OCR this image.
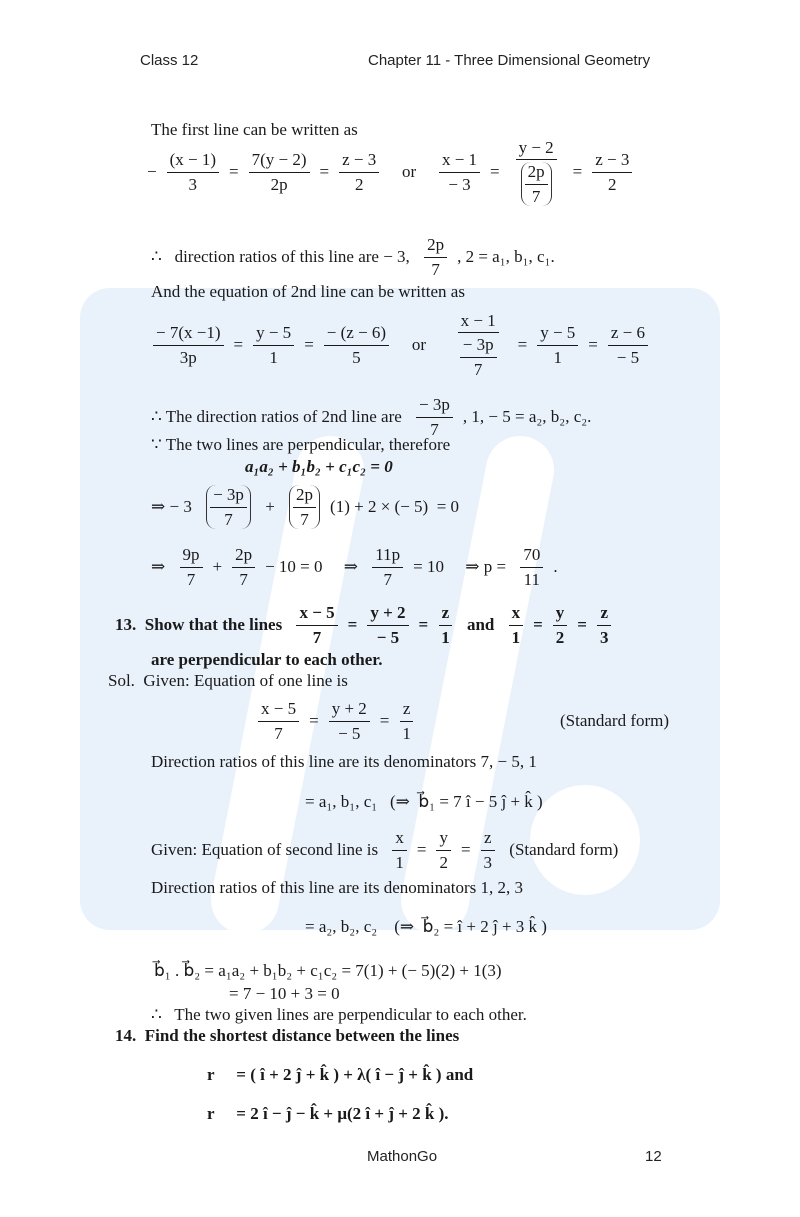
Class 12	Chapter 11 - Three Dimensional Geometry
The first line can be written as
− $\frac{(x - 1)}{3} = \frac{7(y - 2)}{2p} = \frac{z - 3}{2}$ or $\frac{x - 1}{- 3} = \frac{y - 2}{\frac{2p}{7}} = \frac{z - 3}{2}$
∴   direction ratios of this line are − 3, $\frac{2p}{7}$ , 2 = a₁, b₁, c₁.
And the equation of 2nd line can be written as
$\frac{- 7(x -1)}{3p} = \frac{y - 5}{1} = \frac{- (z - 6)}{5}$ or $\frac{x - 1}{\frac{- 3p}{7}} = \frac{y - 5}{1} = \frac{z - 6}{- 5}$
∴ The direction ratios of 2nd line are $\frac{- 3p}{7}$ , 1, − 5 = a₂, b₂, c₂.
∵ The two lines are perpendicular, therefore
a₁a₂ + b₁b₂ + c₁c₂ = 0
⇒ − $3 \frac{- 3p}{7} + \frac{2p}{7} (1) + 2$ × (− 5)  = 0
⇒ $\frac{9p}{7} + \frac{2p}{7} - 10 = 0$     ⇒ $\frac{11p}{7} = 10$     ⇒ $p = \frac{70}{11}$ .
13.  Show that the lines $\frac{x - 5}{7} = \frac{y + 2}{- 5} = \frac{z}{1}$ and $\frac{x}{1} = \frac{y}{2} = \frac{z}{3}$
are perpendicular to each other.
Sol.  Given: Equation of one line is
$\frac{x - 5}{7} = \frac{y + 2}{- 5} = \frac{z}{1}$	(Standard form)
Direction ratios of this line are its denominators 7, − 5, 1
= a₁, b₁, c₁   (⇒  b⃗₁ = 7 î − 5 ĵ + k̂ )
Given: Equation of second line is $\frac{x}{1} = \frac{y}{2} = \frac{z}{3}$ (Standard form)
Direction ratios of this line are its denominators 1, 2, 3
= a₂, b₂, c₂    (⇒  b⃗₂ = î + 2 ĵ + 3 k̂ )
b⃗₁ . b⃗₂ = a₁a₂ + b₁b₂ + c₁c₂ = 7(1) + (− 5)(2) + 1(3)
= 7 − 10 + 3 = 0
∴   The two given lines are perpendicular to each other.
14.  Find the shortest distance between the lines
r⃗  = ( î + 2 ĵ + k̂ ) + λ( î − ĵ + k̂ ) and
r⃗  = 2 î − ĵ − k̂ + μ(2 î + ĵ + 2 k̂ ).
MathonGo	12
